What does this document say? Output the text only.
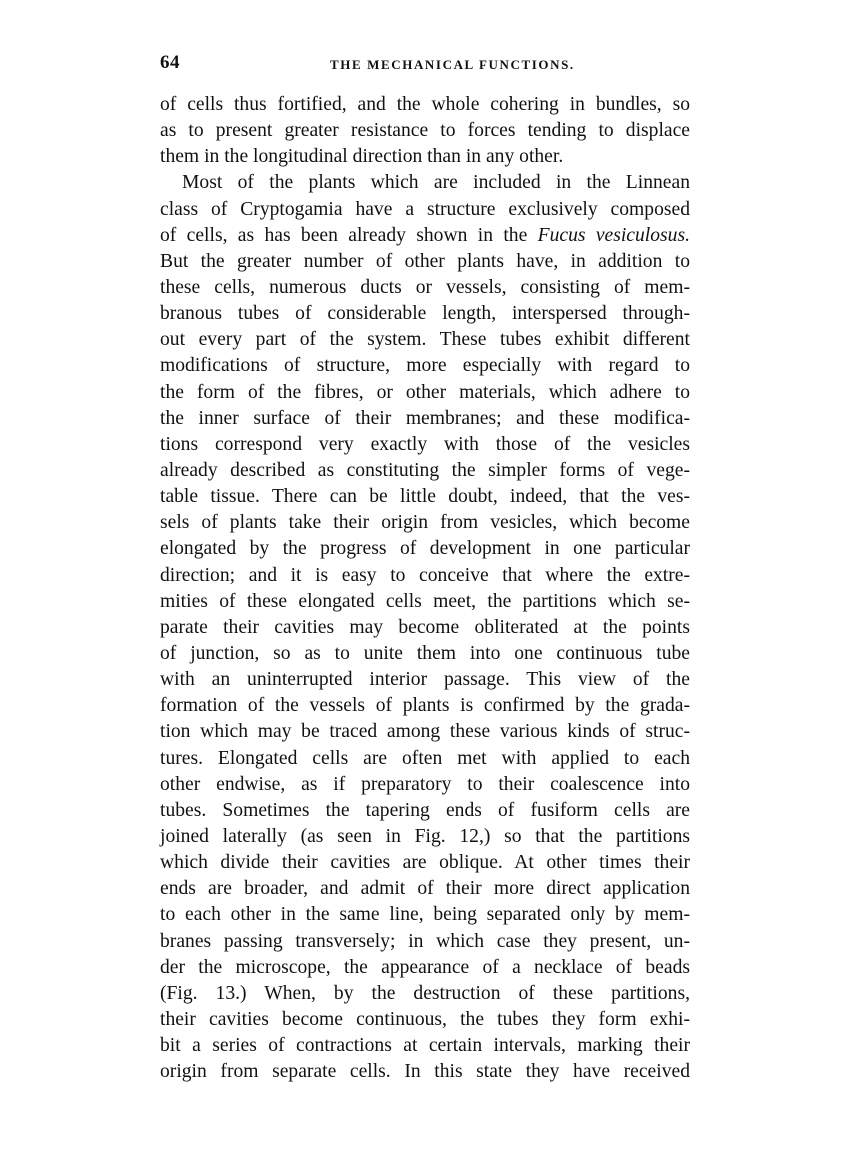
64	THE MECHANICAL FUNCTIONS.
of cells thus fortified, and the whole cohering in bundles, so
as to present greater resistance to forces tending to displace
them in the longitudinal direction than in any other.
Most of the plants which are included in the Linnean
class of Cryptogamia have a structure exclusively composed
of cells, as has been already shown in the Fucus vesiculosus.
But the greater number of other plants have, in addition to
these cells, numerous ducts or vessels, consisting of mem-
branous tubes of considerable length, interspersed through-
out every part of the system. These tubes exhibit different
modifications of structure, more especially with regard to
the form of the fibres, or other materials, which adhere to
the inner surface of their membranes; and these modifica-
tions correspond very exactly with those of the vesicles
already described as constituting the simpler forms of vege-
table tissue. There can be little doubt, indeed, that the ves-
sels of plants take their origin from vesicles, which become
elongated by the progress of development in one particular
direction; and it is easy to conceive that where the extre-
mities of these elongated cells meet, the partitions which se-
parate their cavities may become obliterated at the points
of junction, so as to unite them into one continuous tube
with an uninterrupted interior passage. This view of the
formation of the vessels of plants is confirmed by the grada-
tion which may be traced among these various kinds of struc-
tures. Elongated cells are often met with applied to each
other endwise, as if preparatory to their coalescence into
tubes. Sometimes the tapering ends of fusiform cells are
joined laterally (as seen in Fig. 12,) so that the partitions
which divide their cavities are oblique. At other times their
ends are broader, and admit of their more direct application
to each other in the same line, being separated only by mem-
branes passing transversely; in which case they present, un-
der the microscope, the appearance of a necklace of beads
(Fig. 13.) When, by the destruction of these partitions,
their cavities become continuous, the tubes they form exhi-
bit a series of contractions at certain intervals, marking their
origin from separate cells. In this state they have received
